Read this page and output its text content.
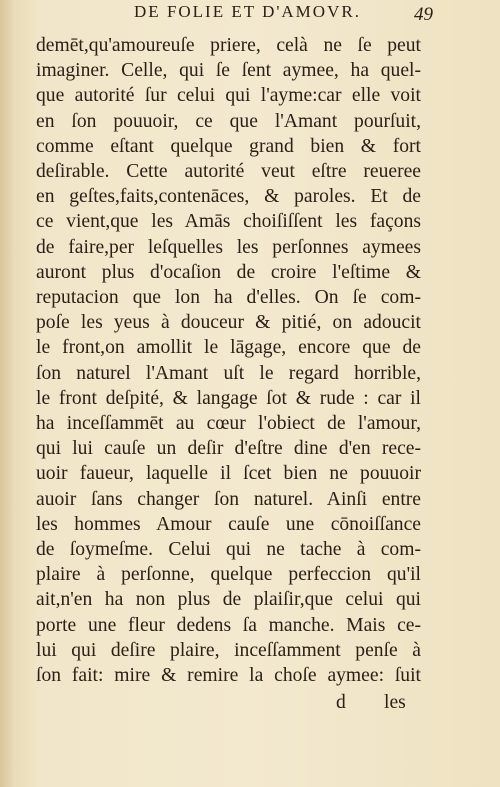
DE FOLIE ET D'AMOVR.	49
demēt,qu'amoureuſe priere, celà ne ſe peut
imaginer. Celle, qui ſe ſent aymee, ha quel-
que autorité ſur celui qui l'ayme:car elle voit
en ſon pouuoir, ce que l'Amant pourſuit,
comme eſtant quelque grand bien & fort
deſirable. Cette autorité veut eſtre reueree
en geſtes,faits,contenāces, & paroles. Et de
ce vient,que les Amās choiſiſſent les façons
de faire,per leſquelles les perſonnes aymees
auront plus d'ocaſion de croire l'eſtime &
reputacion que lon ha d'elles. On ſe com-
poſe les yeus à douceur & pitié, on adoucit
le front,on amollit le lāgage, encore que de
ſon naturel l'Amant uſt le regard horrible,
le front deſpité, & langage ſot & rude : car il
ha inceſſammēt au cœur l'obiect de l'amour,
qui lui cauſe un deſir d'eſtre dine d'en rece-
uoir faueur, laquelle il ſcet bien ne pouuoir
auoir ſans changer ſon naturel. Ainſi entre
les hommes Amour cauſe une cōnoiſſance
de ſoymeſme. Celui qui ne tache à com-
plaire à perſonne, quelque perfeccion qu'il
ait,n'en ha non plus de plaiſir,que celui qui
porte une fleur dedens ſa manche. Mais ce-
lui qui deſire plaire, inceſſamment penſe à
ſon fait: mire & remire la choſe aymee: ſuit
d les
